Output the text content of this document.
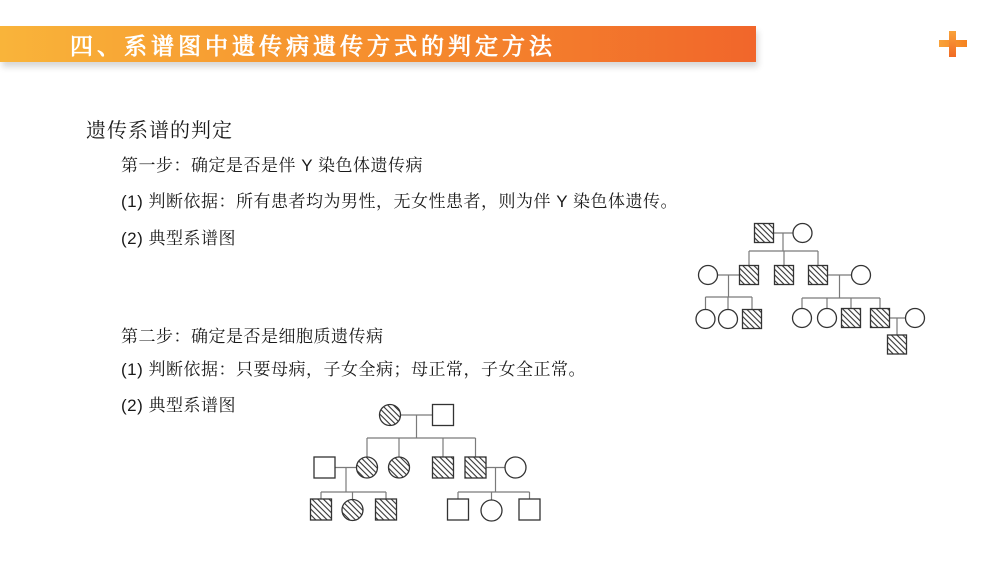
四、系谱图中遗传病遗传方式的判定方法
遗传系谱的判定
第一步：确定是否是伴 Y 染色体遗传病
(1) 判断依据：所有患者均为男性，无女性患者，则为伴 Y 染色体遗传。
(2) 典型系谱图
第二步：确定是否是细胞质遗传病
(1) 判断依据：只要母病，子女全病；母正常，子女全正常。
(2) 典型系谱图
